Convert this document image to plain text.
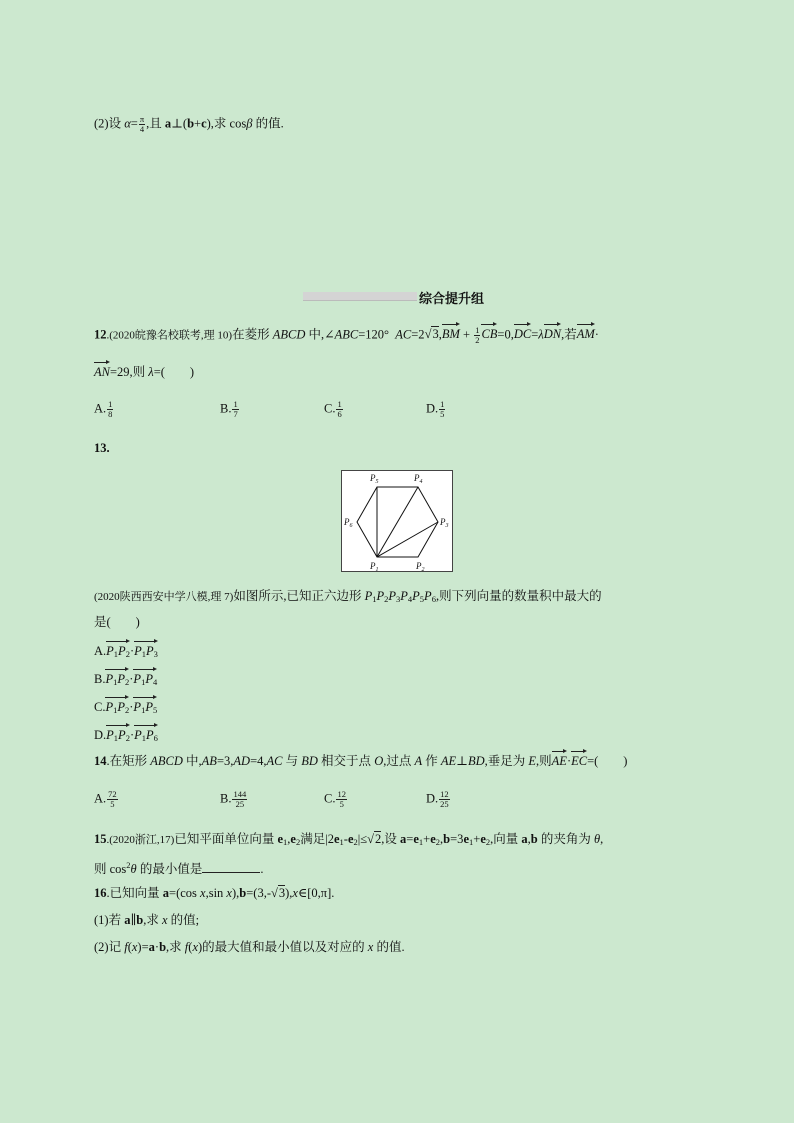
(2)设 $\alpha= \frac{\pi}{4}$ ,且 a⊥(b+c),求 cosβ 的值.
综合提升组
12.(2020皖豫名校联考,理 10)在菱形 ABCD 中,∠ABC=120°  $AC=2√3,BM + \frac{1}{2} CB=0,DC=\lambda DN$,若AM·
AN=29,则 λ=(　　)
A. $\frac{1}{8}$	B. $\frac{1}{7}$	C. $\frac{1}{6}$	D. $\frac{1}{5}$
13.
$P_1$	$P_2$
$P_3$
$P_4$
$P_5$
$P_6$
(2020陕西西安中学八模,理 7)如图所示,已知正六边形 $P_1P_2P_3P_4P_5P_6$,则下列向量的数量积中最大的
是(　　)
$A.P_1P_2\cdot P_1P_3$
$B.P_1P_2\cdot P_1P_4$
$C.P_1P_2\cdot P_1P_5$
$D.P_1P_2\cdot P_1P_6$
14.在矩形 ABCD 中,AB=3,AD=4,AC 与 BD 相交于点 O,过点 A 作 AE⊥BD,垂足为 E,则AE·EC=(　　)
A. $\frac{72}{5}$	B. $\frac{144}{25}$	C. $\frac{12}{5}$	D. $\frac{12}{25}$
15.(2020浙江,17)已知平面单位向量 $e_1,e_2$满足$|2e_1-e_2|\le√2$,设 $a=e_1+e_2,b=3e_1+e_2$,向量 a,b 的夹角为 θ,
则 $\cos^2\theta$ 的最小值是	.
16.已知向量 a=(cos x,sin x),b=(3,-√3),x∈[0,π].
(1)若 a∥b,求 x 的值;
(2)记 f(x)=a·b,求 f(x)的最大值和最小值以及对应的 x 的值.
